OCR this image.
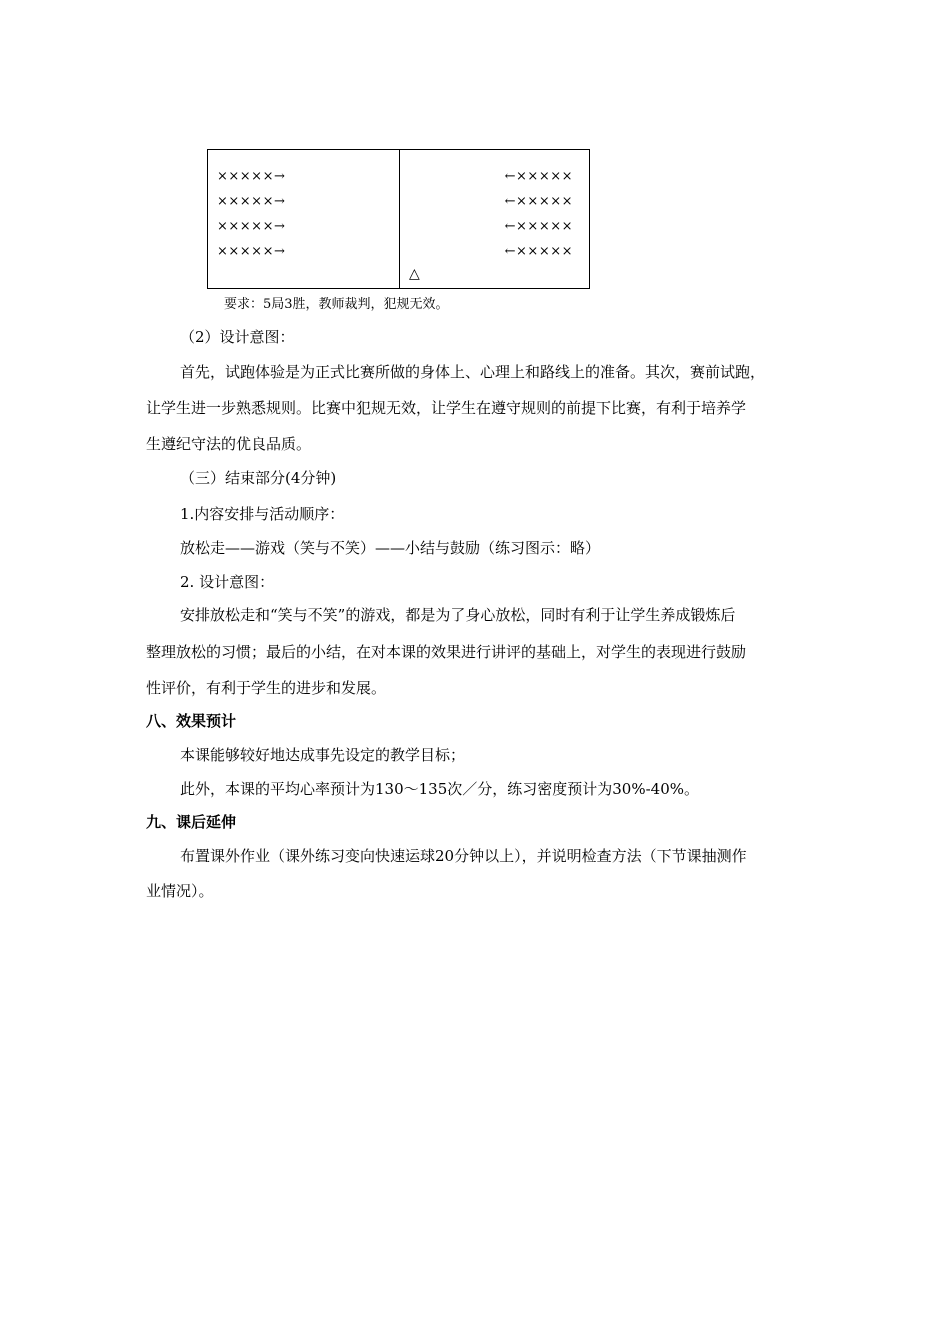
×××××→
×××××→
×××××→
×××××→
←×××××
←×××××
←×××××
←×××××
△
要求：5局3胜，教师裁判，犯规无效。
（2）设计意图：
首先，试跑体验是为正式比赛所做的身体上、心理上和路线上的准备。其次，赛前试跑，
让学生进一步熟悉规则。比赛中犯规无效，让学生在遵守规则的前提下比赛，有利于培养学
生遵纪守法的优良品质。
（三）结束部分(4分钟)
1.内容安排与活动顺序：
放松走——游戏（笑与不笑）——小结与鼓励（练习图示：略）
2. 设计意图：
安排放松走和“笑与不笑”的游戏，都是为了身心放松，同时有利于让学生养成锻炼后
整理放松的习惯；最后的小结，在对本课的效果进行讲评的基础上，对学生的表现进行鼓励
性评价，有利于学生的进步和发展。
八、效果预计
本课能够较好地达成事先设定的教学目标；
此外，本课的平均心率预计为130～135次／分，练习密度预计为30%-40%。
九、课后延伸
布置课外作业（课外练习变向快速运球20分钟以上），并说明检查方法（下节课抽测作
业情况）。
